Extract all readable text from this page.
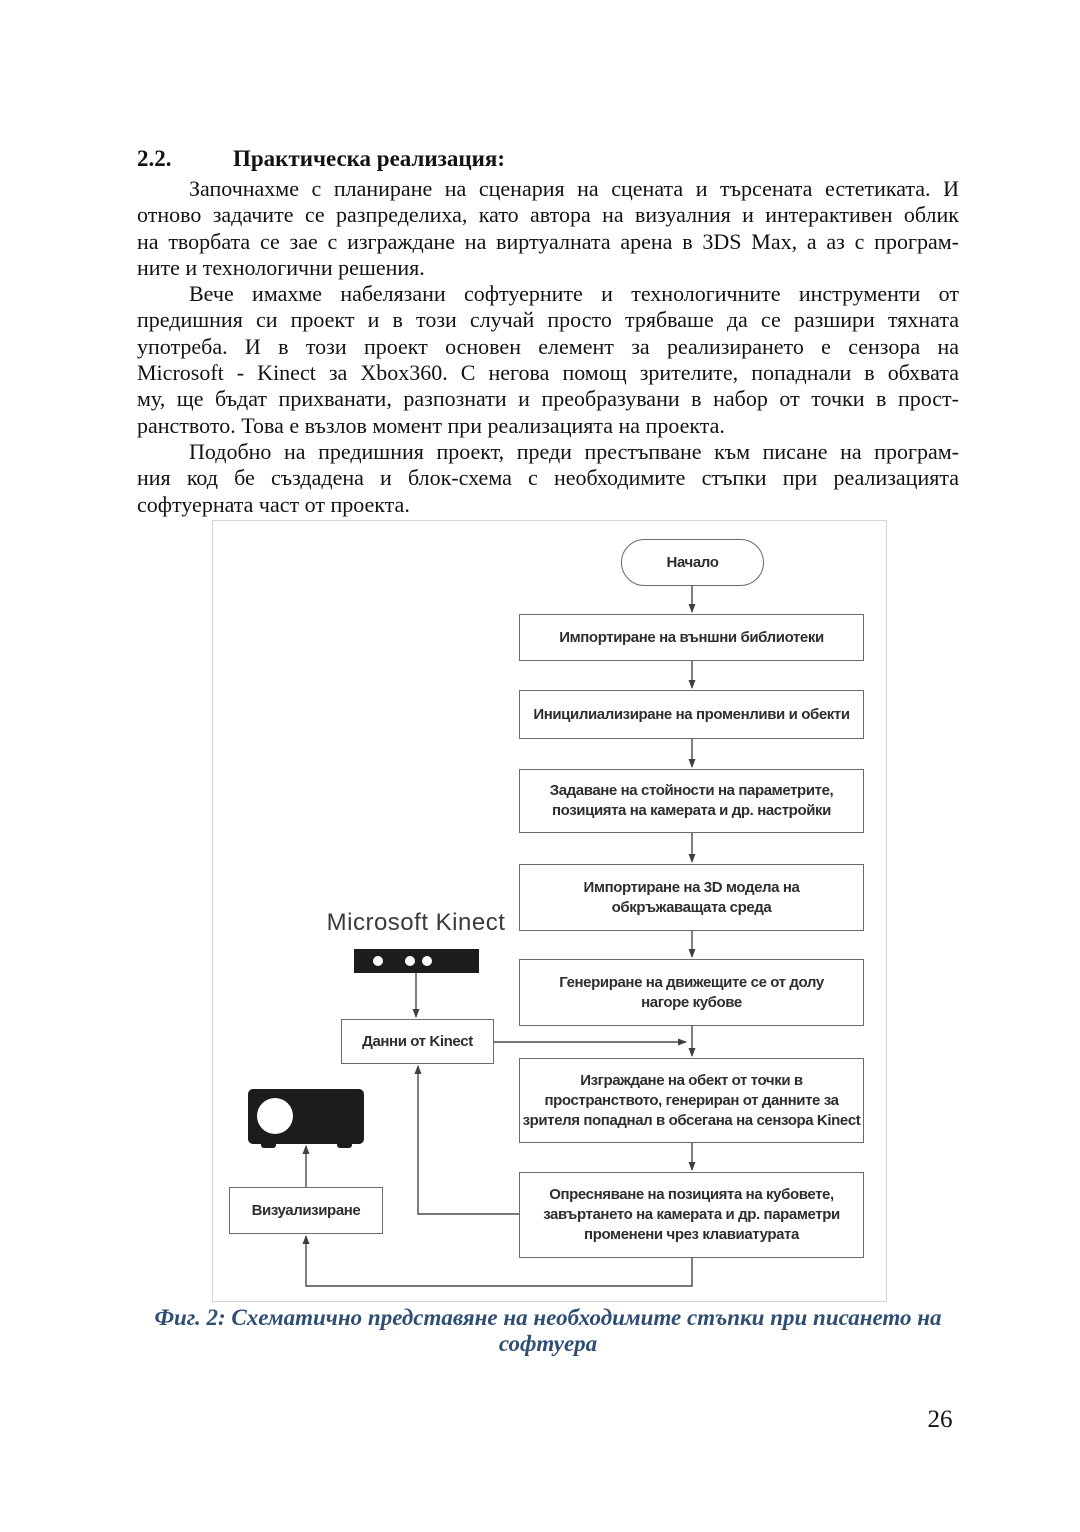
2.2.	Практическа реализация:
Започнахме с планиране на сценария на сцената и търсената естетиката. И
отново задачите се разпределиха, като автора на визуалния и интерактивен облик
на творбата се зае с изграждане на виртуалната арена в 3DS Max, а аз с програм-
ните и технологични решения.
Вече имахме набелязани софтуерните и технологичните инструменти от
предишния си проект и в този случай просто трябваше да се разшири тяхната
употреба. И в този проект основен елемент за реализирането е сензора на
Microsoft - Kinect за Xbox360. С негова помощ зрителите, попаднали в обхвата
му, ще бъдат прихванати, разпознати и преобразувани в набор от точки в прост-
ранството. Това е възлов момент при реализацията на проекта.
Подобно на предишния проект, преди престъпване към писане на програм-
ния код бе създадена и блок-схема с необходимите стъпки при реализацията
софтуерната част от проекта.
Начало
Импортиране на външни библиотеки
Иницилиализиране на променливи и обекти
Задаване на стойности на параметрите,
позицията на камерата и др. настройки
Импортиране на 3D модела на
обкръжаващата среда
Генериране на движещите се от долу
нагоре кубове
Изграждане на обект от точки в
пространството, генериран от данните за
зрителя попаднал в обсегана на сензора Kinect
Опресняване на позицията на кубовете,
завъртането на камерата и др. параметри
променени чрез клавиатурата
Microsoft Kinect
Данни от Kinect
Визуализиране
Фиг. 2: Схематично представяне на необходимите стъпки при писането на софтуера
26
